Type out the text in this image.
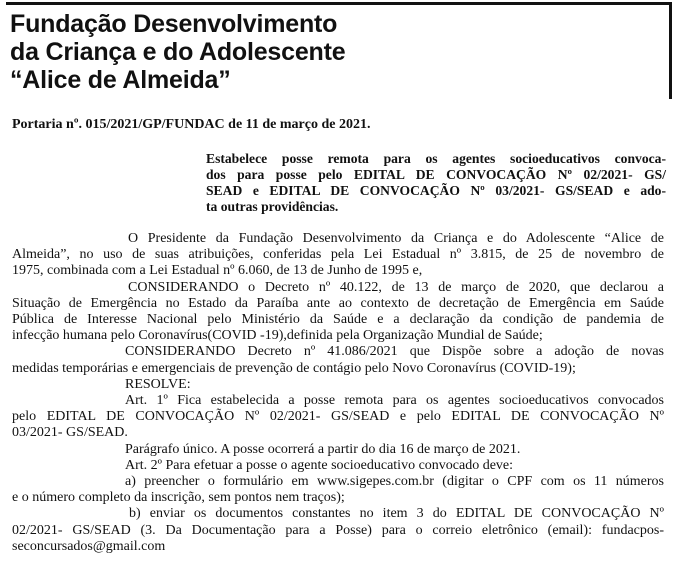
Fundação Desenvolvimento
da Criança e do Adolescente
“Alice de Almeida”

Portaria nº. 015/2021/GP/FUNDAC de 11 de março de 2021.

Estabelece posse remota para os agentes socioeducativos convoca-
dos para posse pelo EDITAL DE CONVOCAÇÃO Nº 02/2021- GS/
SEAD e EDITAL DE CONVOCAÇÃO Nº 03/2021- GS/SEAD e ado-
ta outras providências.

O Presidente da Fundação Desenvolvimento da Criança e do Adolescente “Alice de
Almeida”, no uso de suas atribuições, conferidas pela Lei Estadual nº 3.815, de 25 de novembro de
1975, combinada com a Lei Estadual nº 6.060, de 13 de Junho de 1995 e,
CONSIDERANDO o Decreto nº 40.122, de 13 de março de 2020, que declarou a
Situação de Emergência no Estado da Paraíba ante ao contexto de decretação de Emergência em Saúde
Pública de Interesse Nacional pelo Ministério da Saúde e a declaração da condição de pandemia de
infecção humana pelo Coronavírus(COVID -19),definida pela Organização Mundial de Saúde;
CONSIDERANDO Decreto nº 41.086/2021 que Dispõe sobre a adoção de novas
medidas temporárias e emergenciais de prevenção de contágio pelo Novo Coronavírus (COVID-19);
RESOLVE:
Art. 1º Fica estabelecida a posse remota para os agentes socioeducativos convocados
pelo EDITAL DE CONVOCAÇÃO Nº 02/2021- GS/SEAD e pelo EDITAL DE CONVOCAÇÃO Nº
03/2021- GS/SEAD.
Parágrafo único. A posse ocorrerá a partir do dia 16 de março de 2021.
Art. 2º Para efetuar a posse o agente socioeducativo convocado deve:
a) preencher o formulário em www.sigepes.com.br (digitar o CPF com os 11 números
e o número completo da inscrição, sem pontos nem traços);
b) enviar os documentos constantes no item 3 do EDITAL DE CONVOCAÇÃO Nº
02/2021- GS/SEAD (3. Da Documentação para a Posse) para o correio eletrônico (email): fundacpos-
seconcursados@gmail.com
